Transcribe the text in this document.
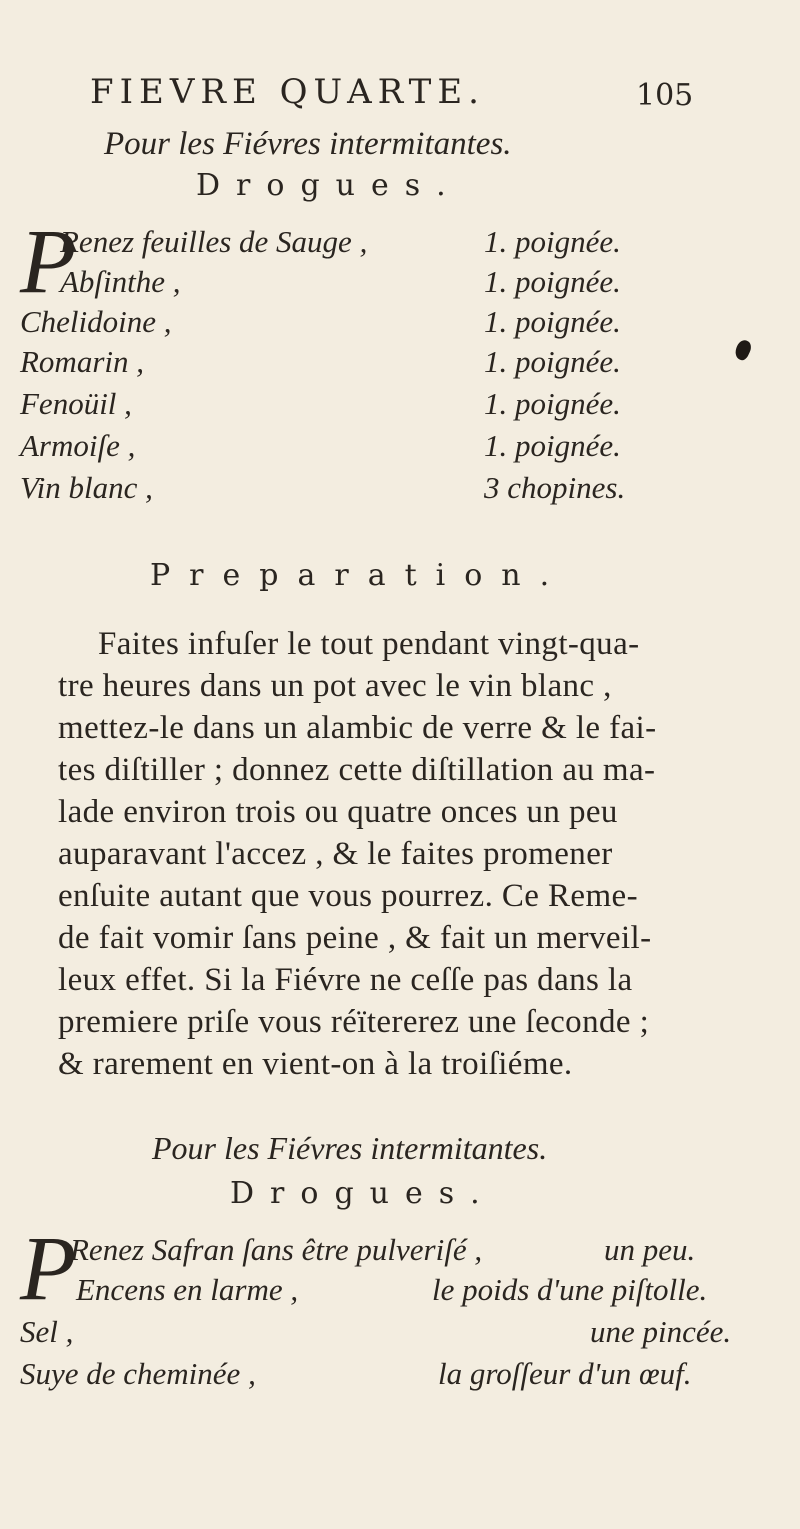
FIEVRE QUARTE.	105
Pour les Fiévres intermitantes.
Drogues.
P
Renez feuilles de Sauge ,	1. poignée.
Abſinthe ,	1. poignée.
Chelidoine ,	1. poignée.
Romarin ,	1. poignée.
Fenoüil ,	1. poignée.
Armoiſe ,	1. poignée.
Vin blanc ,	3 chopines.
Preparation.
Faites infuſer le tout pendant vingt-qua-
tre heures dans un pot avec le vin blanc ,
mettez-le dans un alambic de verre & le fai-
tes diſtiller ; donnez cette diſtillation au ma-
lade environ trois ou quatre onces un peu
auparavant l'accez , & le faites promener
enſuite autant que vous pourrez. Ce Reme-
de fait vomir ſans peine , & fait un merveil-
leux effet. Si la Fiévre ne ceſſe pas dans la
premiere priſe vous réïtererez une ſeconde ;
& rarement en vient-on à la troiſiéme.
Pour les Fiévres intermitantes.
Drogues.
P
Renez Safran ſans être pulveriſé ,	un peu.
Encens en larme ,	le poids d'une piſtolle.
Sel ,	une pincée.
Suye de cheminée ,	la groſſeur d'un œuf.
